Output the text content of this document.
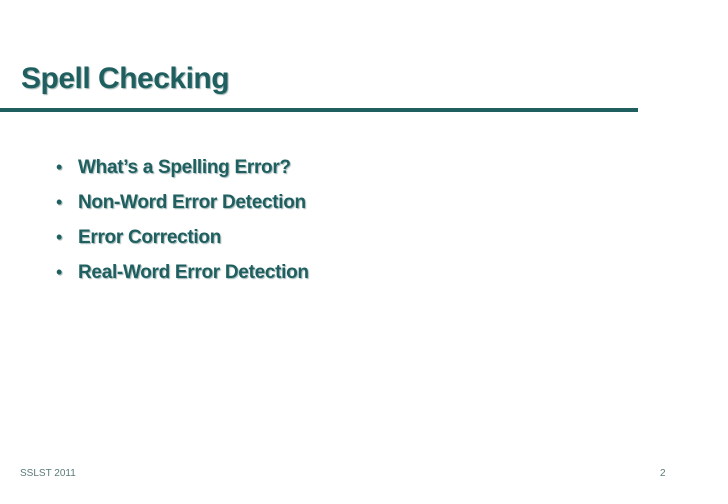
Spell Checking
• What’s a Spelling Error?
• Non-Word Error Detection
• Error Correction
• Real-Word Error Detection
SSLST 2011	2
